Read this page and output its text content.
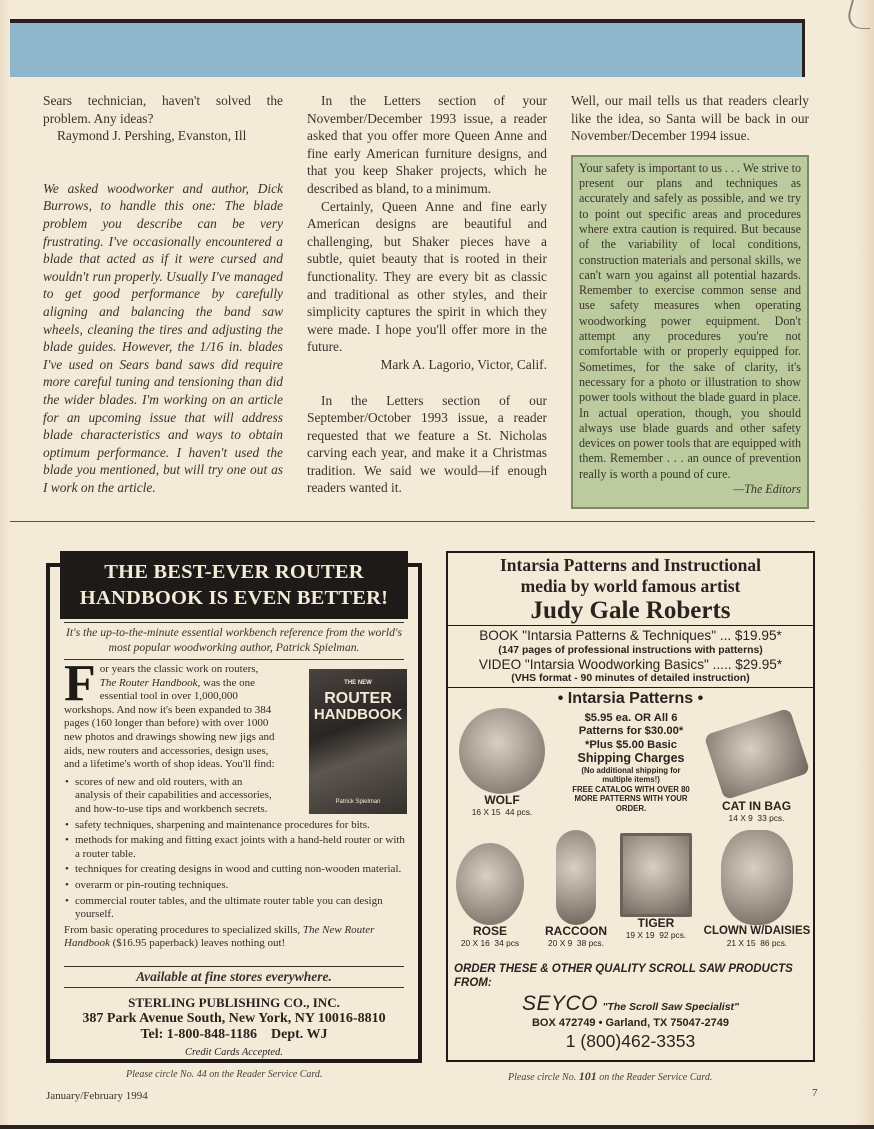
Sears technician, haven't solved the problem. Any ideas?

Raymond J. Pershing, Evanston, Ill

We asked woodworker and author, Dick Burrows, to handle this one: The blade problem you describe can be very frustrating. I've occasionally encountered a blade that acted as if it were cursed and wouldn't run properly. Usually I've managed to get good performance by carefully aligning and balancing the band saw wheels, cleaning the tires and adjusting the blade guides. However, the 1/16 in. blades I've used on Sears band saws did require more careful tuning and tensioning than did the wider blades. I'm working on an article for an upcoming issue that will address blade characteristics and ways to obtain optimum performance. I haven't used the blade you mentioned, but will try one out as I work on the article.

In the Letters section of your November/December 1993 issue, a reader asked that you offer more Queen Anne and fine early American furniture designs, and that you keep Shaker projects, which he described as bland, to a minimum.

Certainly, Queen Anne and fine early American designs are beautiful and challenging, but Shaker pieces have a subtle, quiet beauty that is rooted in their functionality. They are every bit as classic and traditional as other styles, and their simplicity captures the spirit in which they were made. I hope you'll offer more in the future.

Mark A. Lagorio, Victor, Calif.

In the Letters section of our September/October 1993 issue, a reader requested that we feature a St. Nicholas carving each year, and make it a Christmas tradition. We said we would—if enough readers wanted it.

Well, our mail tells us that readers clearly like the idea, so Santa will be back in our November/December 1994 issue.

Your safety is important to us . . . We strive to present our plans and techniques as accurately and safely as possible, and we try to point out specific areas and procedures where extra caution is required. But because of the variability of local conditions, construction materials and personal skills, we can't warn you against all potential hazards. Remember to exercise common sense and use safety measures when operating woodworking power equipment. Don't attempt any procedures you're not comfortable with or properly equipped for. Sometimes, for the sake of clarity, it's necessary for a photo or illustration to show power tools without the blade guard in place. In actual operation, though, you should always use blade guards and other safety devices on power tools that are equipped with them. Remember . . . an ounce of prevention really is worth a pound of cure.
—The Editors
THE BEST-EVER ROUTER
HANDBOOK IS EVEN BETTER!
It's the up-to-the-minute essential workbench reference from the world's most popular woodworking author, Patrick Spielman.
$^{THE NEW}$ ROUTER
HANDBOOK
Patrick Spielman
For years the classic work on routers, The Router Handbook, was the one essential tool in over 1,000,000 workshops. And now it's been expanded to 384 pages (160 longer than before) with over 1000 new photos and drawings showing new jigs and aids, new routers and accessories, design uses, and a lifetime's worth of shop ideas. You'll find:
• scores of new and old routers, with an analysis of their capabilities and accessories, and how-to-use tips and workbench secrets.
• safety techniques, sharpening and maintenance procedures for bits.
• methods for making and fitting exact joints with a hand-held router or with a router table.
• techniques for creating designs in wood and cutting non-wooden material.
• overarm or pin-routing techniques.
• commercial router tables, and the ultimate router table you can design yourself.
From basic operating procedures to specialized skills, The New Router Handbook ($16.95 paperback) leaves nothing out!
Available at fine stores everywhere.
STERLING PUBLISHING CO., INC.
387 Park Avenue South, New York, NY 10016-8810
Tel: 1-800-848-1186 Dept. WJ
Credit Cards Accepted.
Please circle No. 44 on the Reader Service Card.
Intarsia Patterns and Instructional
media by world famous artist
Judy Gale Roberts
BOOK "Intarsia Patterns & Techniques" ... $19.95*
(147 pages of professional instructions with patterns)
VIDEO "Intarsia Woodworking Basics" ..... $29.95*
(VHS format - 90 minutes of detailed instruction)
• Intarsia Patterns •
$5.95 ea. OR All 6
Patterns for $30.00*
*Plus $5.00 Basic
Shipping Charges
(No additional shipping for multiple items!)
FREE CATALOG WITH OVER 80 MORE PATTERNS WITH YOUR ORDER.
WOLF
16 X 15 44 pcs.	CAT IN BAG
14 X 9 33 pcs.
ROSE
20 X 16 34 pcs
RACCOON
20 X 9 38 pcs.
TIGER
19 X 19 92 pcs.	CLOWN W/DAISIES
21 X 15 86 pcs.
ORDER THESE & OTHER QUALITY SCROLL SAW PRODUCTS FROM:
SEYCO "The Scroll Saw Specialist"
BOX 472749 • Garland, TX 75047-2749
1 (800)462-3353
Please circle No. 101 on the Reader Service Card.
January/February 1994	7
